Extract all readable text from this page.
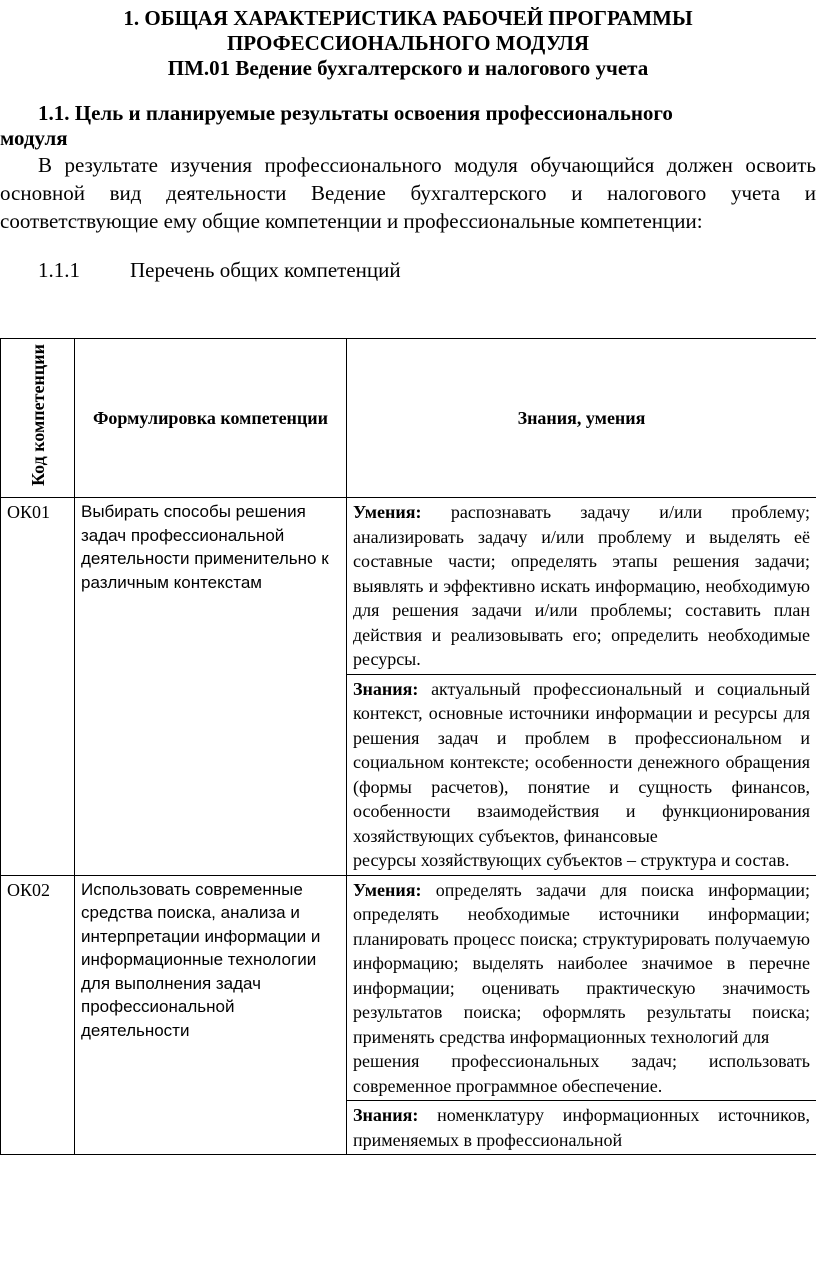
1. ОБЩАЯ ХАРАКТЕРИСТИКА РАБОЧЕЙ ПРОГРАММЫ
ПРОФЕССИОНАЛЬНОГО МОДУЛЯ
ПМ.01 Ведение бухгалтерского и налогового учета
1.1. Цель и планируемые результаты освоения профессионального
модуля

В результате изучения профессионального модуля обучающийся должен освоить основной вид деятельности Ведение бухгалтерского и налогового учета и соответствующие ему общие компетенции и профессиональные компетенции:

1.1.1	Перечень общих компетенций
Код компетенции	Формулировка компетенции	Знания, умения
ОК01	Выбирать способы решения задач профессиональной деятельности применительно к различным контекстам	Умения: распознавать задачу и/или проблему; анализировать задачу и/или проблему и выделять её составные части; определять этапы решения задачи; выявлять и эффективно искать информацию, необходимую для решения задачи и/или проблемы; составить план действия и реализовывать его; определить необходимые ресурсы.
		Знания: актуальный профессиональный и социальный контекст, основные источники информации и ресурсы для решения задач и проблем в профессиональном и социальном контексте; особенности денежного обращения (формы расчетов), понятие и сущность финансов, особенности взаимодействия и функционирования хозяйствующих субъектов, финансовые
ресурсы хозяйствующих субъектов – структура и состав.
ОК02	Использовать современные средства поиска, анализа и интерпретации информации и информационные технологии для выполнения задач профессиональной деятельности	Умения: определять задачи для поиска информации; определять необходимые источники информации; планировать процесс поиска; структурировать получаемую информацию; выделять наиболее значимое в перечне информации; оценивать практическую значимость результатов поиска; оформлять результаты поиска; применять средства информационных технологий для
решения профессиональных задач; использовать современное программное обеспечение.
		Знания: номенклатуру информационных источников, применяемых в профессиональной
